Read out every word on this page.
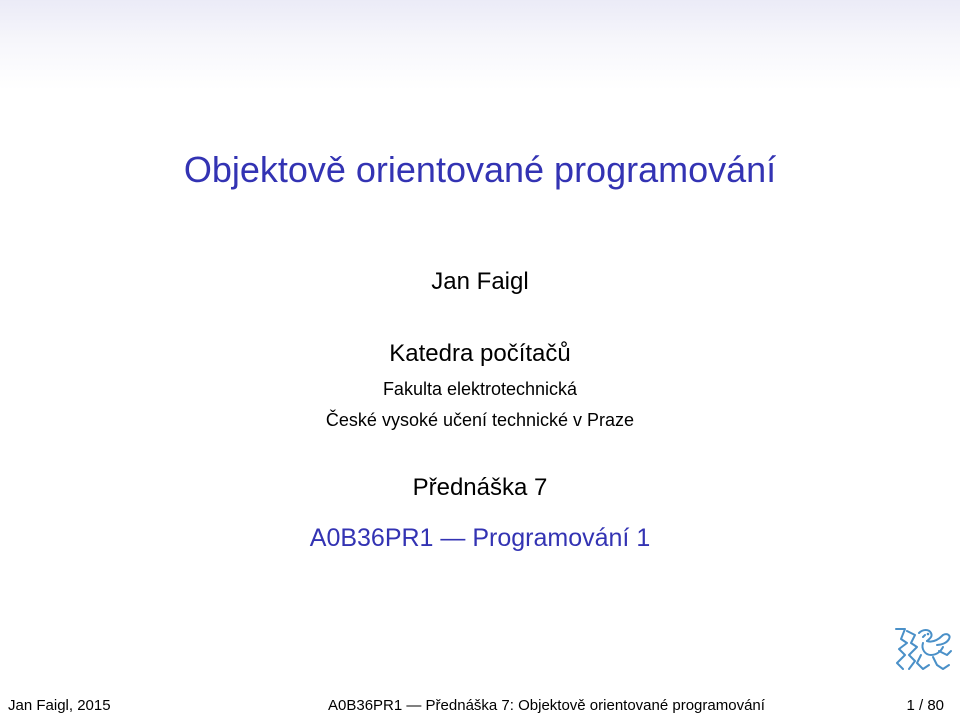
Objektově orientované programování
Jan Faigl
Katedra počítačů
Fakulta elektrotechnická
České vysoké učení technické v Praze
Přednáška 7
A0B36PR1 — Programování 1
Jan Faigl, 2015	A0B36PR1 — Přednáška 7: Objektově orientované programování	1 / 80
